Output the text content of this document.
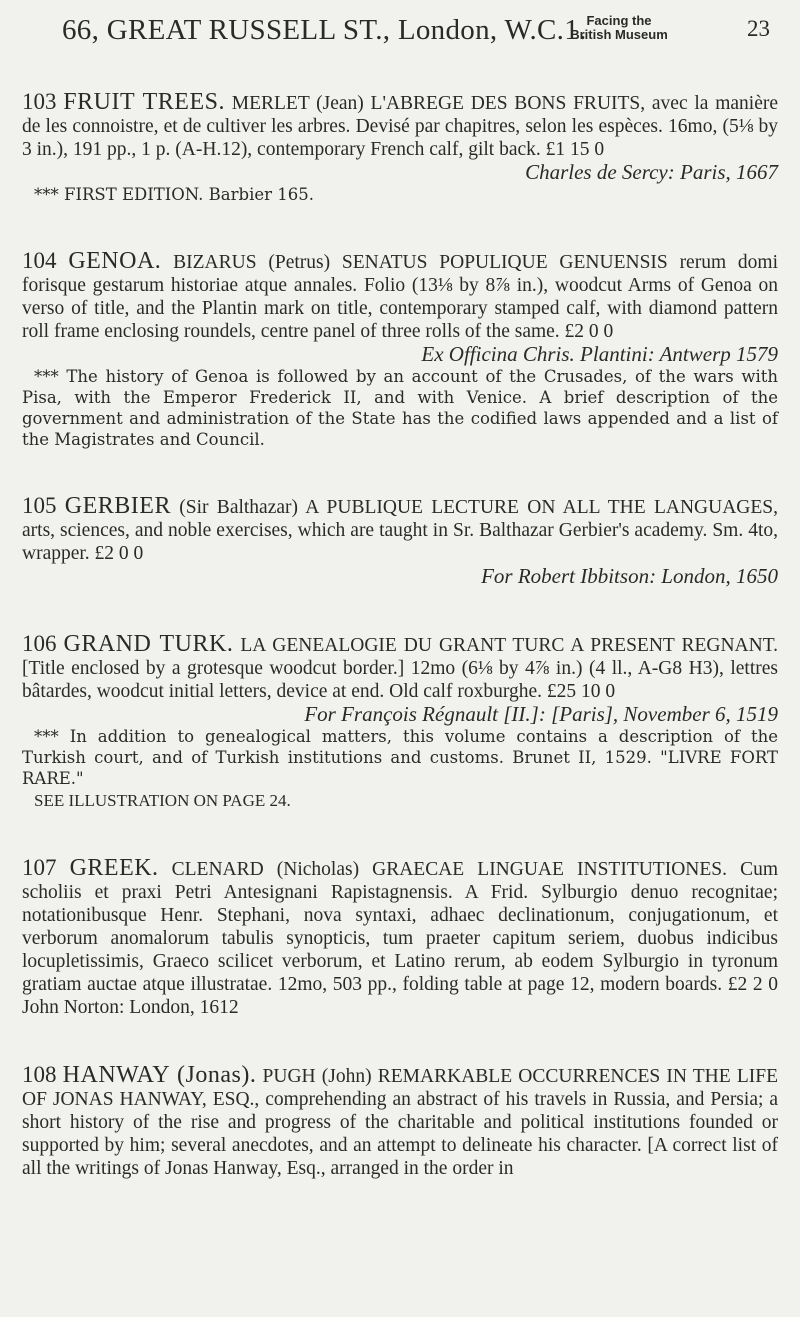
66, GREAT RUSSELL ST., London, W.C.1. Facing the
British Museum	23
103 FRUIT TREES. MERLET (Jean) L'ABREGE DES BONS FRUITS, avec la manière de les connoistre, et de cultiver les arbres. Devisé par chapitres, selon les espèces. 16mo, (5⅛ by 3 in.), 191 pp., 1 p. (A-H.12), contemporary French calf, gilt back. £1 15 0
Charles de Sercy: Paris, 1667
*** FIRST EDITION. Barbier 165.
104 GENOA. BIZARUS (Petrus) SENATUS POPULIQUE GENUENSIS rerum domi forisque gestarum historiae atque annales. Folio (13⅛ by 8⅞ in.), woodcut Arms of Genoa on verso of title, and the Plantin mark on title, contemporary stamped calf, with diamond pattern roll frame enclosing roundels, centre panel of three rolls of the same. £2 0 0
Ex Officina Chris. Plantini: Antwerp 1579
*** The history of Genoa is followed by an account of the Crusades, of the wars with Pisa, with the Emperor Frederick II, and with Venice. A brief description of the government and administration of the State has the codified laws appended and a list of the Magistrates and Council.
105 GERBIER (Sir Balthazar) A PUBLIQUE LECTURE ON ALL THE LANGUAGES, arts, sciences, and noble exercises, which are taught in Sr. Balthazar Gerbier's academy. Sm. 4to, wrapper. £2 0 0
For Robert Ibbitson: London, 1650
106 GRAND TURK. LA GENEALOGIE DU GRANT TURC A PRESENT REGNANT. [Title enclosed by a grotesque woodcut border.] 12mo (6⅛ by 4⅞ in.) (4 ll., A-G8 H3), lettres bâtardes, woodcut initial letters, device at end. Old calf roxburghe. £25 10 0
For François Régnault [II.]: [Paris], November 6, 1519
*** In addition to genealogical matters, this volume contains a description of the Turkish court, and of Turkish institutions and customs. Brunet II, 1529. "LIVRE FORT RARE."
SEE ILLUSTRATION ON PAGE 24.
107 GREEK. CLENARD (Nicholas) GRAECAE LINGUAE INSTITUTIONES. Cum scholiis et praxi Petri Antesignani Rapistagnensis. A Frid. Sylburgio denuo recognitae; notationibusque Henr. Stephani, nova syntaxi, adhaec declinationum, conjugationum, et verborum anomalorum tabulis synopticis, tum praeter capitum seriem, duobus indicibus locupletissimis, Graeco scilicet verborum, et Latino rerum, ab eodem Sylburgio in tyronum gratiam auctae atque illustratae. 12mo, 503 pp., folding table at page 12, modern boards. £2 2 0 John Norton: London, 1612
108 HANWAY (Jonas). PUGH (John) REMARKABLE OCCURRENCES IN THE LIFE OF JONAS HANWAY, ESQ., comprehending an abstract of his travels in Russia, and Persia; a short history of the rise and progress of the charitable and political institutions founded or supported by him; several anecdotes, and an attempt to delineate his character. [A correct list of all the writings of Jonas Hanway, Esq., arranged in the order in
